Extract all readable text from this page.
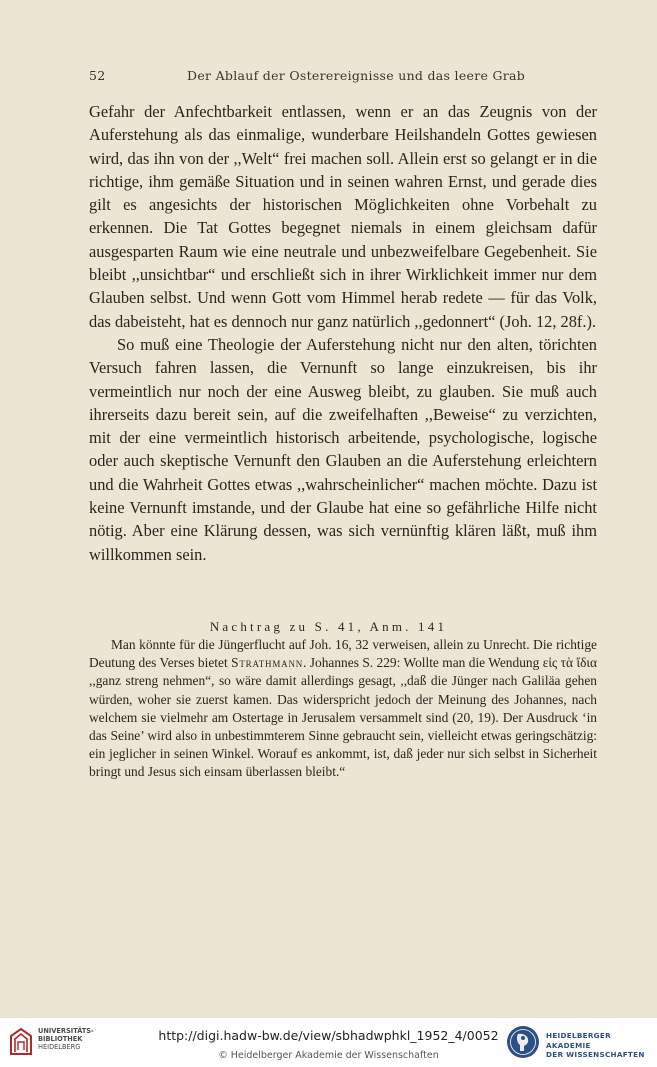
52	Der Ablauf der Osterereignisse und das leere Grab

Gefahr der Anfechtbarkeit entlassen, wenn er an das Zeugnis von der Auferstehung als das einmalige, wunderbare Heilshandeln Gottes gewiesen wird, das ihn von der ,,Welt“ frei machen soll. Allein erst so gelangt er in die richtige, ihm gemäße Situation und in seinen wahren Ernst, und gerade dies gilt es angesichts der historischen Möglichkeiten ohne Vorbehalt zu erkennen. Die Tat Gottes begegnet niemals in einem gleichsam dafür ausgesparten Raum wie eine neutrale und unbezweifelbare Gegebenheit. Sie bleibt ,,unsichtbar“ und erschließt sich in ihrer Wirklichkeit immer nur dem Glauben selbst. Und wenn Gott vom Himmel herab redete — für das Volk, das dabeisteht, hat es dennoch nur ganz natürlich ,,gedonnert“ (Joh. 12, 28f.).

So muß eine Theologie der Auferstehung nicht nur den alten, törichten Versuch fahren lassen, die Vernunft so lange einzukreisen, bis ihr vermeintlich nur noch der eine Ausweg bleibt, zu glauben. Sie muß auch ihrerseits dazu bereit sein, auf die zweifelhaften ,,Beweise“ zu verzichten, mit der eine vermeintlich historisch arbeitende, psychologische, logische oder auch skeptische Vernunft den Glauben an die Auferstehung erleichtern und die Wahrheit Gottes etwas ,,wahrscheinlicher“ machen möchte. Dazu ist keine Vernunft imstande, und der Glaube hat eine so gefährliche Hilfe nicht nötig. Aber eine Klärung dessen, was sich vernünftig klären läßt, muß ihm willkommen sein.

Nachtrag zu S. 41, Anm. 141

Man könnte für die Jüngerflucht auf Joh. 16, 32 verweisen, allein zu Unrecht. Die richtige Deutung des Verses bietet Strathmann. Johannes S. 229: Wollte man die Wendung εἰς τὰ ἴδια ,,ganz streng nehmen“, so wäre damit allerdings gesagt, ,,daß die Jünger nach Galiläa gehen würden, woher sie zuerst kamen. Das widerspricht jedoch der Meinung des Johannes, nach welchem sie vielmehr am Ostertage in Jerusalem versammelt sind (20, 19). Der Ausdruck ‘in das Seine’ wird also in unbestimmterem Sinne gebraucht sein, vielleicht etwas geringschätzig: ein jeglicher in seinen Winkel. Worauf es ankommt, ist, daß jeder nur sich selbst in Sicherheit bringt und Jesus sich einsam überlassen bleibt.“

UNIVERSITÄTS-
BIBLIOTHEK
HEIDELBERG
http://digi.hadw-bw.de/view/sbhadwphkl_1952_4/0052
© Heidelberger Akademie der Wissenschaften
HEIDELBERGER AKADEMIE
DER WISSENSCHAFTEN
